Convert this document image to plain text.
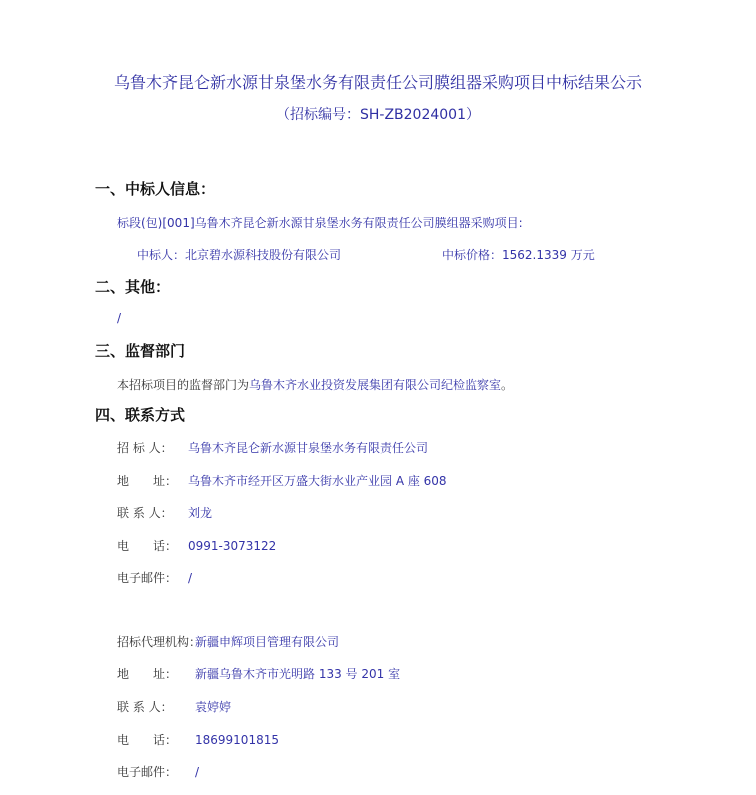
乌鲁木齐昆仑新水源甘泉堡水务有限责任公司膜组器采购项目中标结果公示
（招标编号：SH-ZB2024001）
一、中标人信息：
标段(包)[001]乌鲁木齐昆仑新水源甘泉堡水务有限责任公司膜组器采购项目:
中标人：北京碧水源科技股份有限公司	中标价格：1562.1339 万元
二、其他：
/
三、监督部门
本招标项目的监督部门为乌鲁木齐水业投资发展集团有限公司纪检监察室。
四、联系方式
招 标 人： 乌鲁木齐昆仑新水源甘泉堡水务有限责任公司
地　　址： 乌鲁木齐市经开区万盛大街水业产业园 A 座 608
联 系 人： 刘龙
电　　话： 0991-3073122
电子邮件： /
招标代理机构：新疆申辉项目管理有限公司
地　　址： 新疆乌鲁木齐市光明路 133 号 201 室
联 系 人： 袁婷婷
电　　话： 18699101815
电子邮件： /
